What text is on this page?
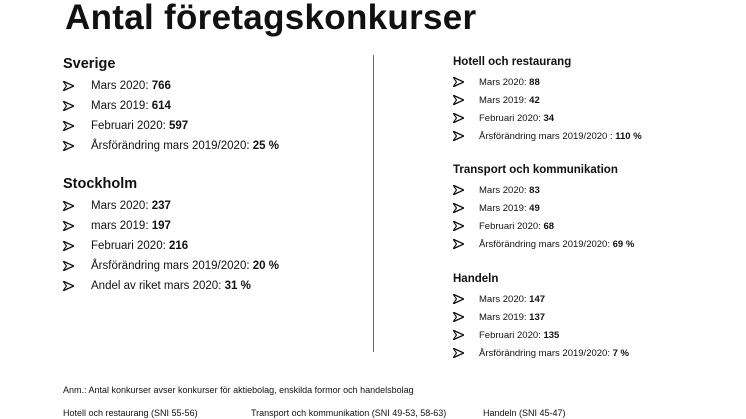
Antal företagskonkurser
Sverige
Mars 2020: 766
Mars 2019: 614
Februari 2020: 597
Årsförändring mars 2019/2020: 25 %
Stockholm
Mars 2020: 237
mars 2019: 197
Februari 2020: 216
Årsförändring mars 2019/2020: 20 %
Andel av riket mars 2020: 31 %
Hotell och restaurang
Mars 2020: 88
Mars 2019: 42
Februari 2020: 34
Årsförändring mars 2019/2020 : 110 %
Transport och kommunikation
Mars 2020: 83
Mars 2019: 49
Februari 2020: 68
Årsförändring mars 2019/2020: 69 %
Handeln
Mars 2020: 147
Mars 2019: 137
Februari 2020: 135
Årsförändring mars 2019/2020: 7 %
Anm.: Antal konkurser avser konkurser för aktiebolag, enskilda formor och handelsbolag
Hotell och restaurang (SNI 55-56)	Transport och kommunikation (SNI 49-53, 58-63)	Handeln (SNI 45-47)
